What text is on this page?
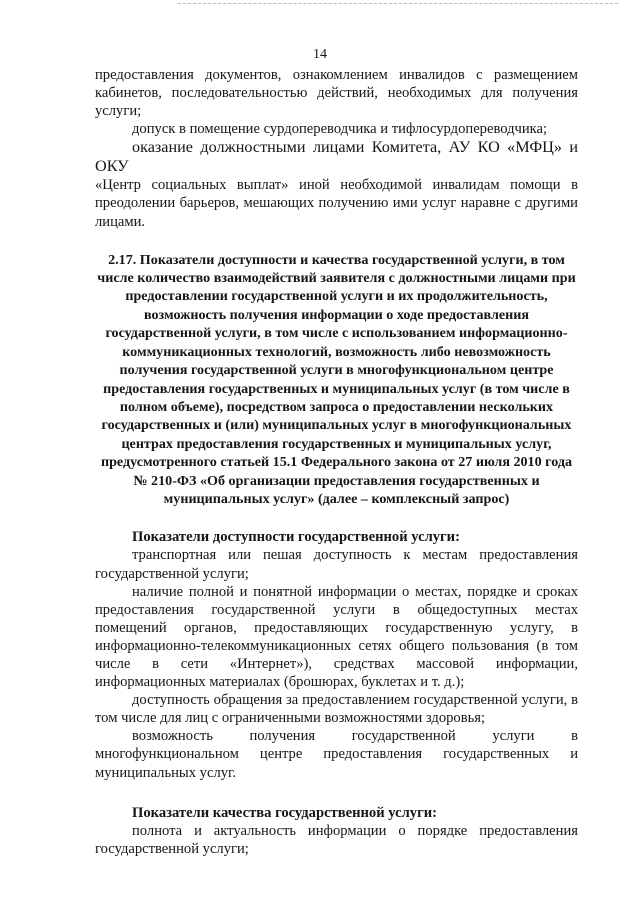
14

предоставления документов, ознакомлением инвалидов с размещением кабинетов, последовательностью действий, необходимых для получения услуги;

допуск в помещение сурдопереводчика и тифлосурдопереводчика;

оказание должностными лицами Комитета, АУ КО «МФЦ» и ОКУ

«Центр социальных выплат» иной необходимой инвалидам помощи в преодолении барьеров, мешающих получению ими услуг наравне с другими лицами.

2.17. Показатели доступности и качества государственной услуги, в том числе количество взаимодействий заявителя с должностными лицами при предоставлении государственной услуги и их продолжительность, возможность получения информации о ходе предоставления государственной услуги, в том числе с использованием информационно-коммуникационных технологий, возможность либо невозможность получения государственной услуги в многофункциональном центре предоставления государственных и муниципальных услуг (в том числе в полном объеме), посредством запроса о предоставлении нескольких государственных и (или) муниципальных услуг в многофункциональных центрах предоставления государственных и муниципальных услуг, предусмотренного статьей 15.1 Федерального закона от 27 июля 2010 года № 210-ФЗ «Об организации предоставления государственных и муниципальных услуг» (далее – комплексный запрос)

Показатели доступности государственной услуги:

транспортная или пешая доступность к местам предоставления государственной услуги;

наличие полной и понятной информации о местах, порядке и сроках предоставления государственной услуги в общедоступных местах помещений органов, предоставляющих государственную услугу, в информационно-телекоммуникационных сетях общего пользования (в том числе в сети «Интернет»), средствах массовой информации, информационных материалах (брошюрах, буклетах и т. д.);

доступность обращения за предоставлением государственной услуги, в том числе для лиц с ограниченными возможностями здоровья;

возможность получения государственной услуги в многофункциональном центре предоставления государственных и муниципальных услуг.

Показатели качества государственной услуги:

полнота и актуальность информации о порядке предоставления государственной услуги;
